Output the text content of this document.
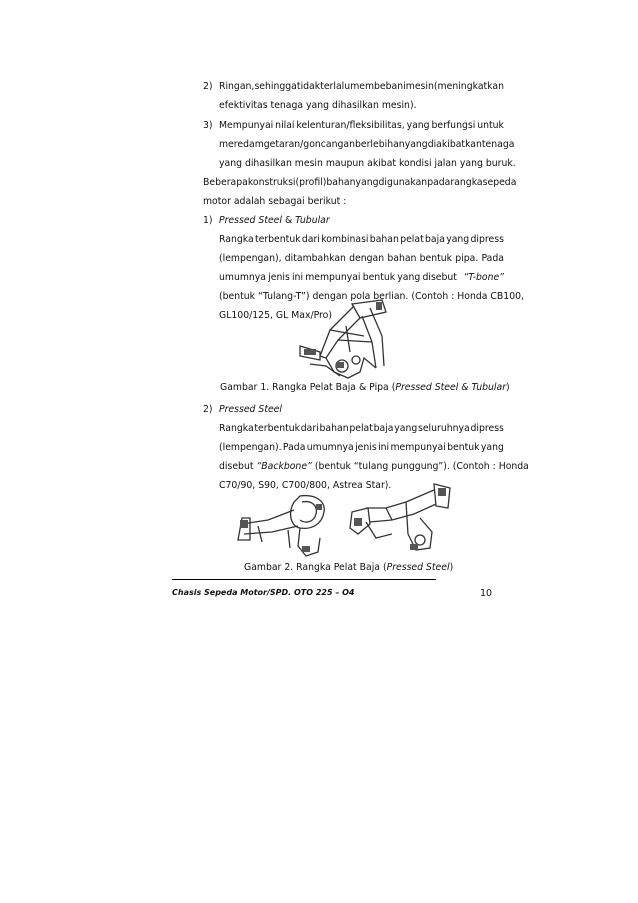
2) Ringan, sehingga tidak terlalu membebani mesin (meningkatkan
efektivitas tenaga yang dihasilkan mesin).
3) Mempunyai nilai kelenturan/fleksibilitas, yang berfungsi untuk
meredam getaran/goncangan berlebihan yang diakibatkan tenaga
yang dihasilkan mesin maupun akibat kondisi jalan yang buruk.
Beberapa konstruksi (profil) bahan yang digunakan pada rangka sepeda
motor adalah sebagai berikut :
1) Pressed Steel & Tubular
Rangka terbentuk dari kombinasi bahan pelat baja yang dipress
(lempengan), ditambahkan dengan bahan bentuk pipa. Pada
umumnya jenis ini mempunyai bentuk yang disebut “T-bone”
(bentuk “Tulang-T”) dengan pola berlian. (Contoh : Honda CB100,
GL100/125, GL Max/Pro)
Gambar 1. Rangka Pelat Baja & Pipa (Pressed Steel & Tubular)
2) Pressed Steel
Rangka terbentuk dari bahan pelat baja yang seluruhnya dipress
(lempengan). Pada umumnya jenis ini mempunyai bentuk yang
disebut “Backbone” (bentuk “tulang punggung”). (Contoh : Honda
C70/90, S90, C700/800, Astrea Star).
Gambar 2. Rangka Pelat Baja (Pressed Steel)
Chasis Sepeda Motor/SPD. OTO 225 – O4	10
